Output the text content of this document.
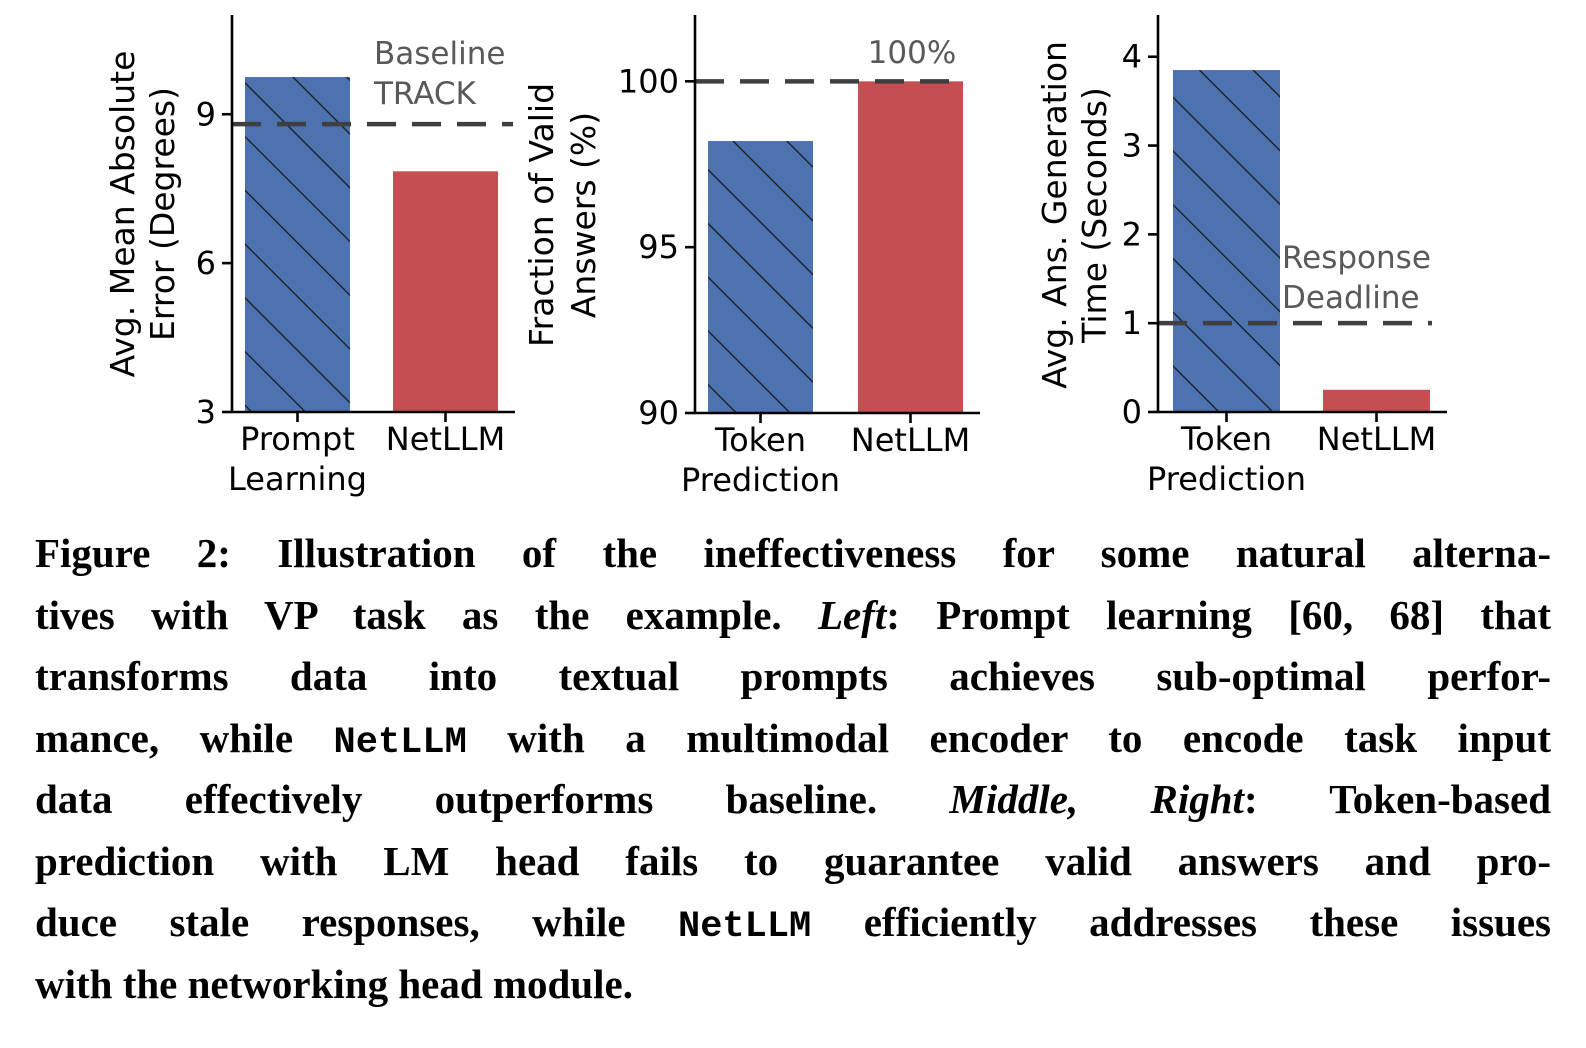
Baseline
TRACK
3
6
9
Prompt
Learning
NetLLM
Avg. Mean Absolute Error (Degrees)
100%
90
95
100
Token
Prediction
NetLLM
Fraction of Valid Answers (%)	Response
Deadline
0
1
2
3
4
Token
Prediction
NetLLM
Avg. Ans. Generation Time (Seconds)
Figure 2: Illustration of the ineffectiveness for some natural alterna-
tives with VP task as the example. Left: Prompt learning [60, 68] that
transforms data into textual prompts achieves sub-optimal perfor-
mance, while NetLLM with a multimodal encoder to encode task input
data effectively outperforms baseline. Middle, Right: Token-based
prediction with LM head fails to guarantee valid answers and pro-
duce stale responses, while NetLLM efficiently addresses these issues
with the networking head module.
